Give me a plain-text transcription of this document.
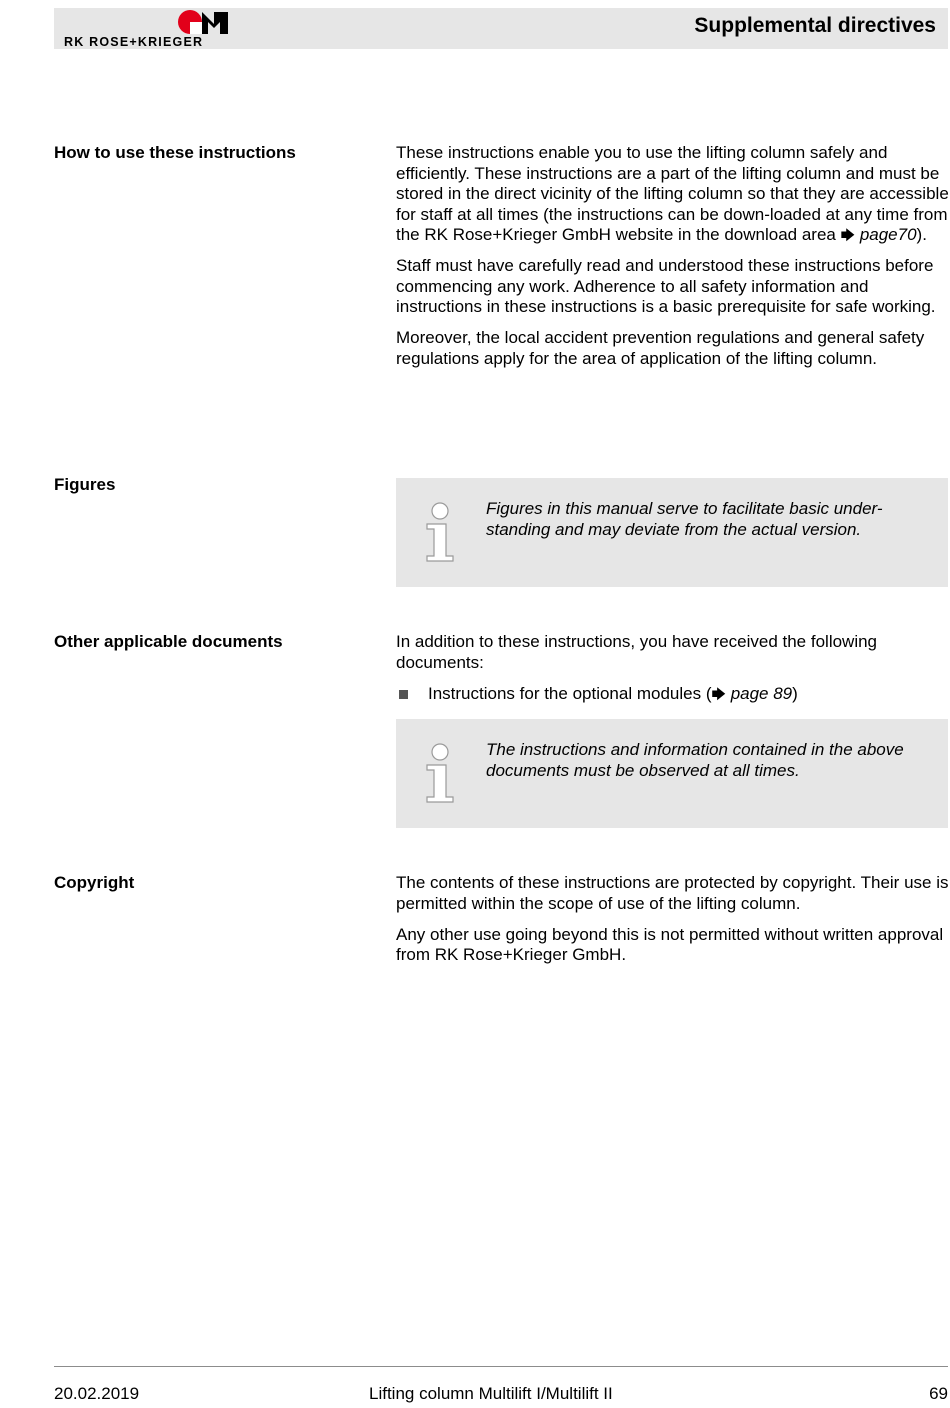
RK ROSE+KRIEGER
Supplemental directives
How to use these instructions	These instructions enable you to use the lifting column safely and efficiently. These instructions are a part of the lifting column and must be stored in the direct vicinity of the lifting column so that they are accessible for staff at all times (the instructions can be down-loaded at any time from the RK Rose+Krieger GmbH website in the download area 🡆 page70).

Staff must have carefully read and understood these instructions before commencing any work. Adherence to all safety information and instructions in these instructions is a basic prerequisite for safe working.

Moreover, the local accident prevention regulations and general safety regulations apply for the area of application of the lifting column.

Figures
Figures in this manual serve to facilitate basic under-standing and may deviate from the actual version.
Other applicable documents	In addition to these instructions, you have received the following documents:

Instructions for the optional modules (🡆 page 89)
The instructions and information contained in the above documents must be observed at all times.
Copyright	The contents of these instructions are protected by copyright. Their use is permitted within the scope of use of the lifting column.

Any other use going beyond this is not permitted without written approval from RK Rose+Krieger GmbH.

20.02.2019	Lifting column Multilift I/Multilift II	69
